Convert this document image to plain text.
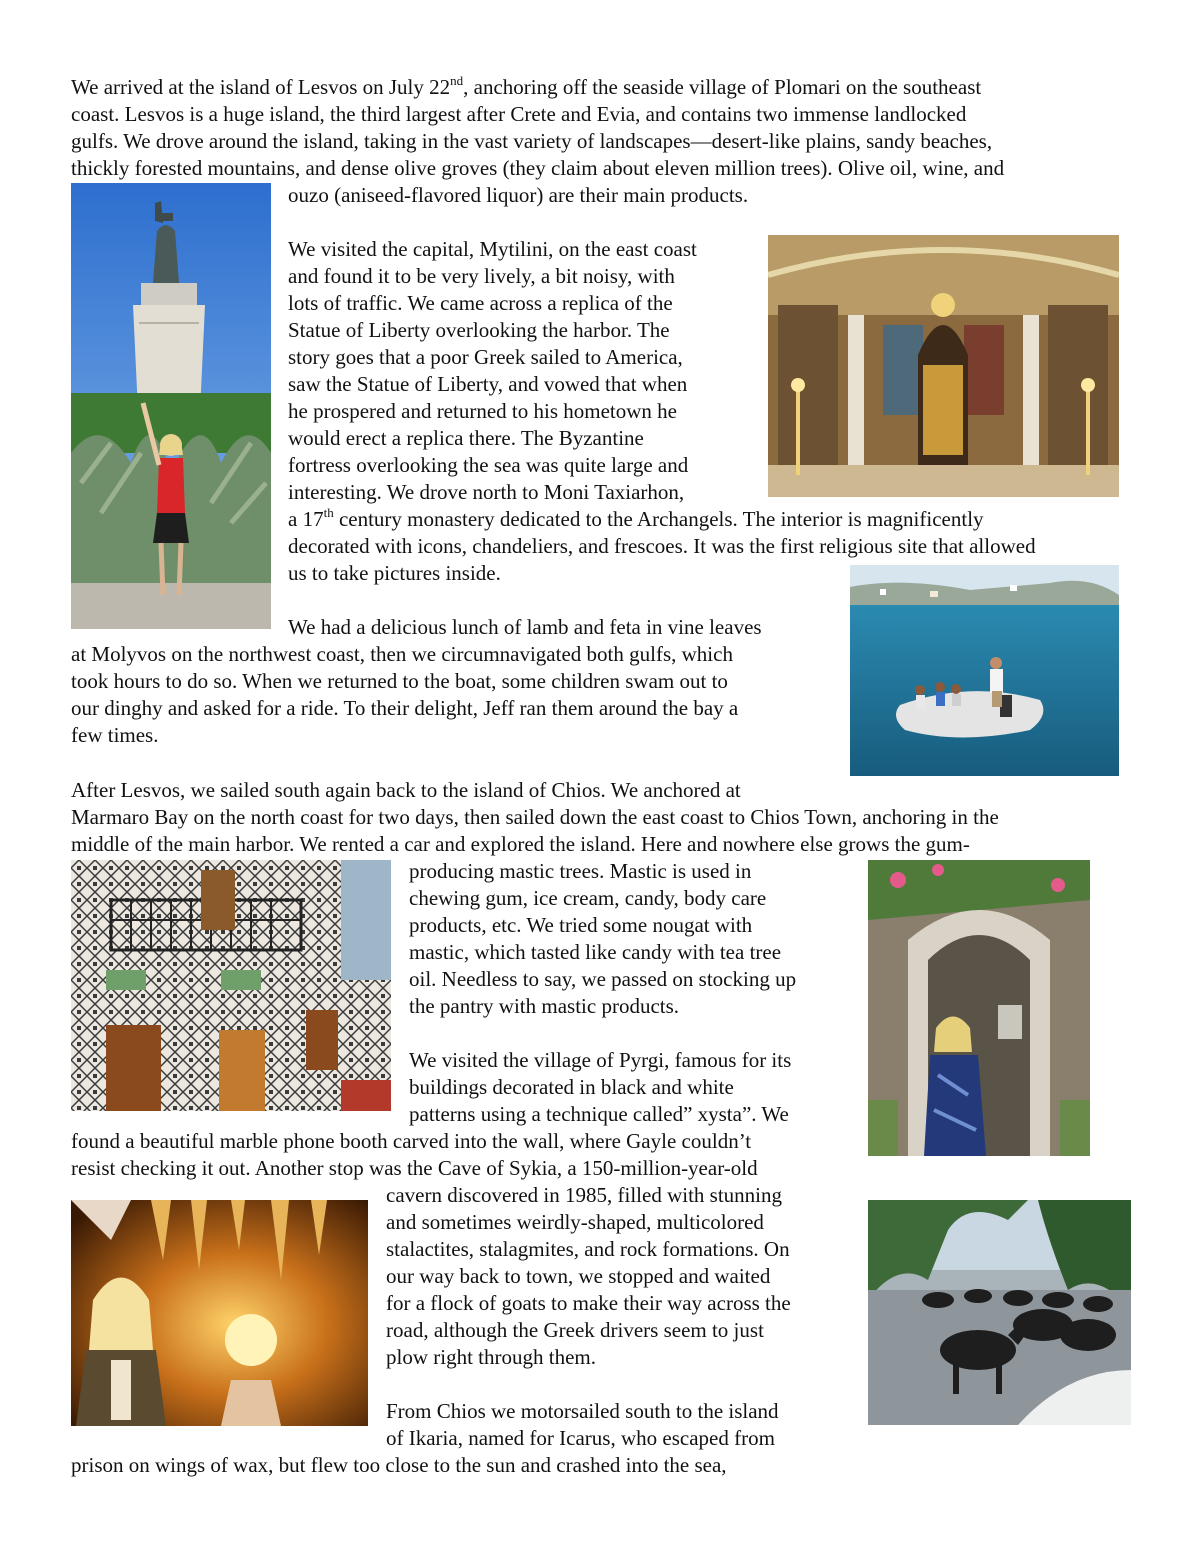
We arrived at the island of Lesvos on July 22nd, anchoring off the seaside village of Plomari on the southeast

coast. Lesvos is a huge island, the third largest after Crete and Evia, and contains two immense landlocked

gulfs. We drove around the island, taking in the vast variety of landscapes—desert-like plains, sandy beaches,

thickly forested mountains, and dense olive groves (they claim about eleven million trees). Olive oil, wine, and

ouzo (aniseed-flavored liquor) are their main products.

We visited the capital, Mytilini, on the east coast

and found it to be very lively, a bit noisy, with

lots of traffic. We came across a replica of the

Statue of Liberty overlooking the harbor. The

story goes that a poor Greek sailed to America,

saw the Statue of Liberty, and vowed that when

he prospered and returned to his hometown he

would erect a replica there. The Byzantine

fortress overlooking the sea was quite large and

interesting. We drove north to Moni Taxiarhon,

a 17th century monastery dedicated to the Archangels. The interior is magnificently

decorated with icons, chandeliers, and frescoes. It was the first religious site that allowed

us to take pictures inside.

We had a delicious lunch of lamb and feta in vine leaves

at Molyvos on the northwest coast, then we circumnavigated both gulfs, which

took hours to do so. When we returned to the boat, some children swam out to

our dinghy and asked for a ride. To their delight, Jeff ran them around the bay a

few times.

After Lesvos, we sailed south again back to the island of Chios. We anchored at

Marmaro Bay on the north coast for two days, then sailed down the east coast to Chios Town, anchoring in the

middle of the main harbor. We rented a car and explored the island. Here and nowhere else grows the gum-

producing mastic trees. Mastic is used in

chewing gum, ice cream, candy, body care

products, etc. We tried some nougat with

mastic, which tasted like candy with tea tree

oil. Needless to say, we passed on stocking up

the pantry with mastic products.

We visited the village of Pyrgi, famous for its

buildings decorated in black and white

patterns using a technique called” xysta”. We

found a beautiful marble phone booth carved into the wall, where Gayle couldn’t

resist checking it out. Another stop was the Cave of Sykia, a 150-million-year-old

cavern discovered in 1985, filled with stunning

and sometimes weirdly-shaped, multicolored

stalactites, stalagmites, and rock formations. On

our way back to town, we stopped and waited

for a flock of goats to make their way across the

road, although the Greek drivers seem to just

plow right through them.

From Chios we motorsailed south to the island

of Ikaria, named for Icarus, who escaped from

prison on wings of wax, but flew too close to the sun and crashed into the sea,
